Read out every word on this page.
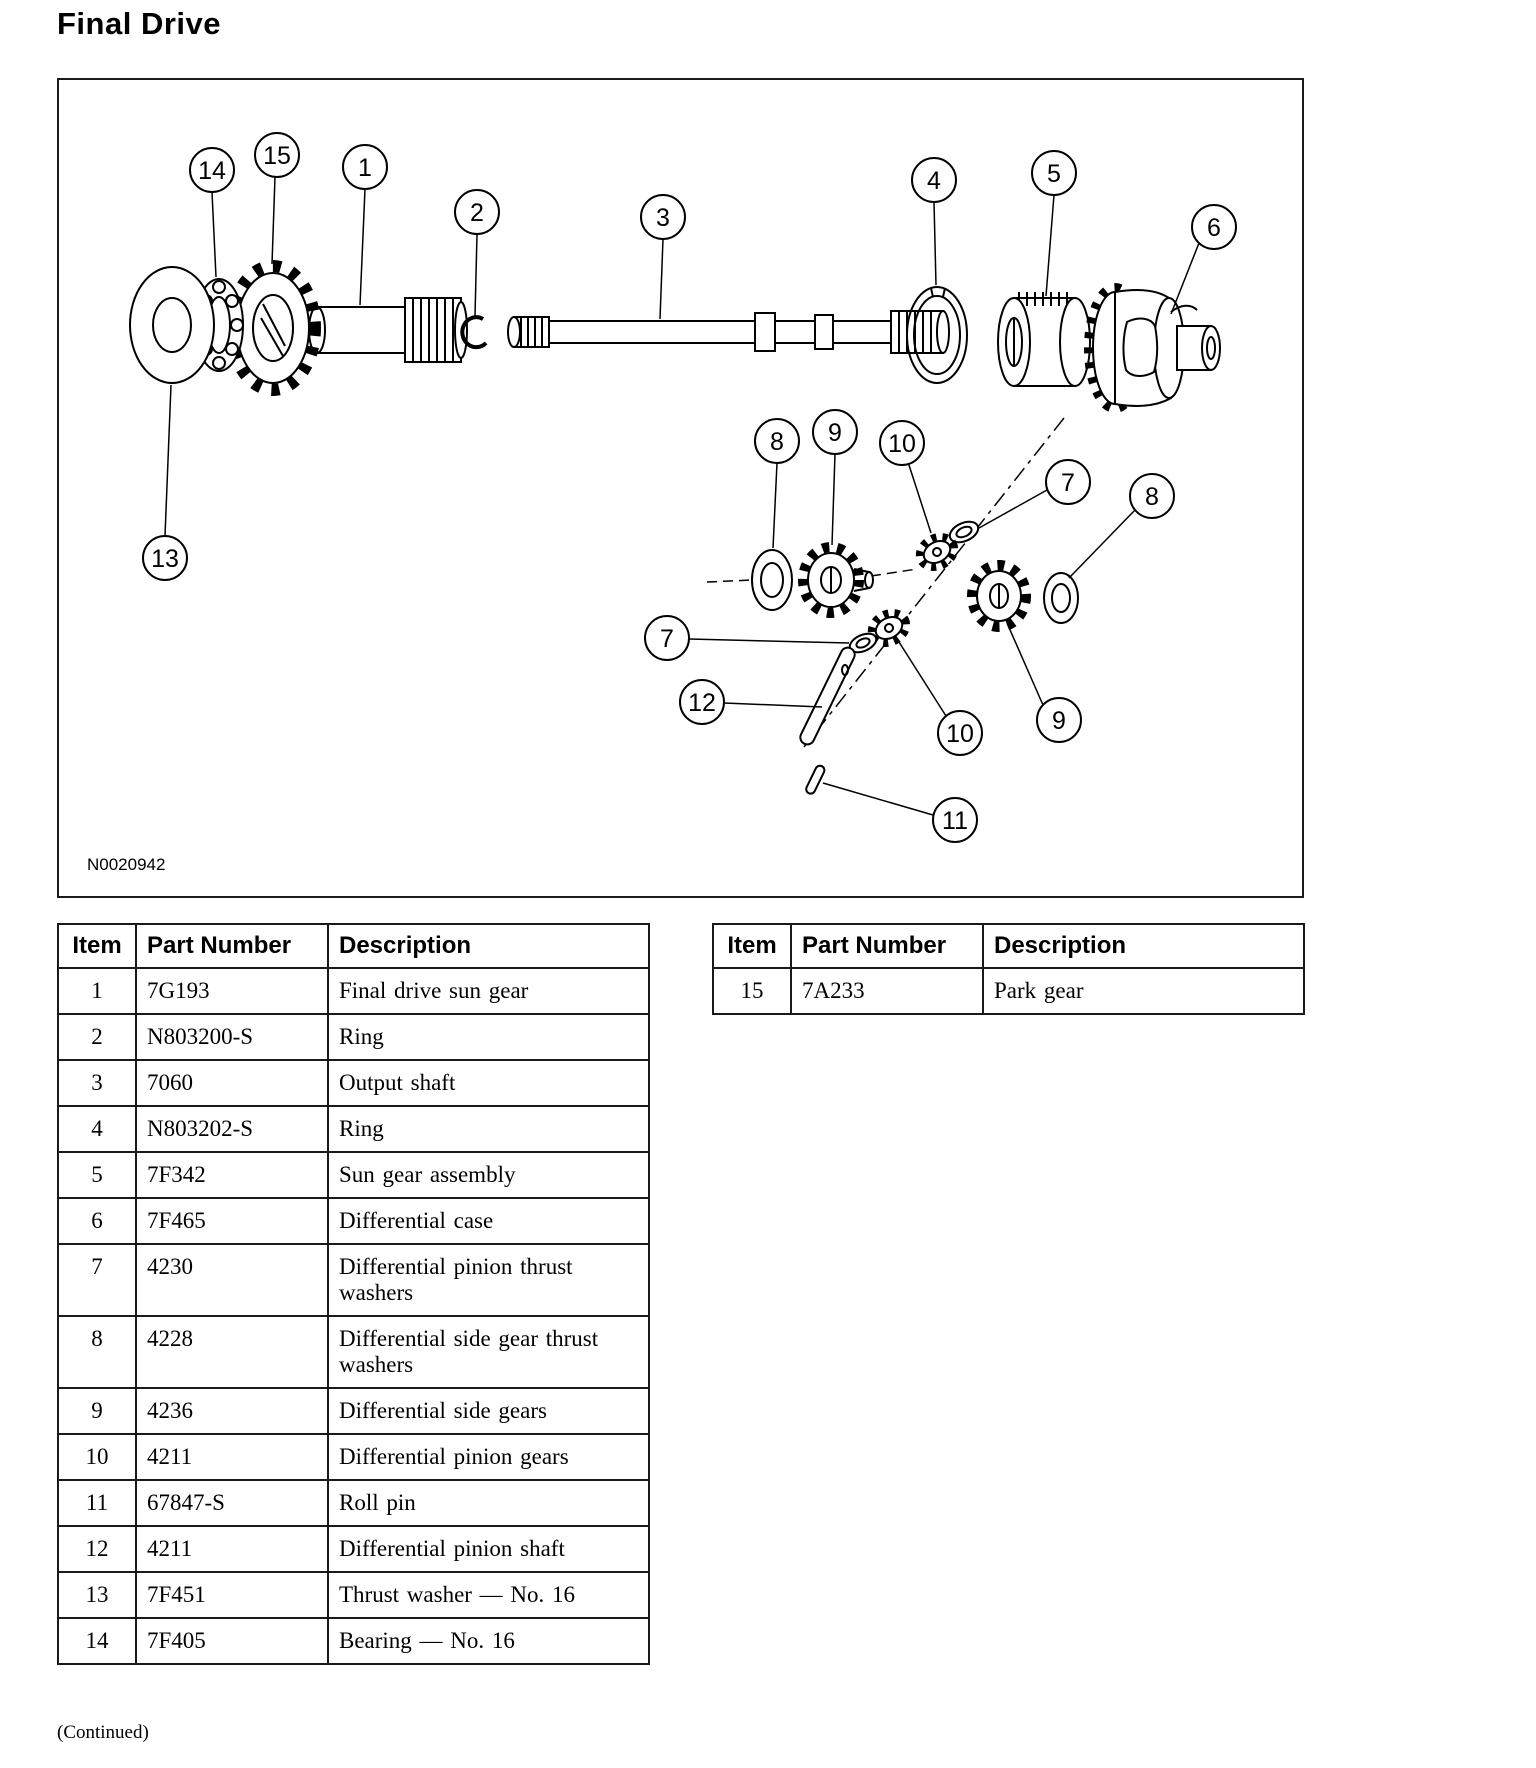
Final Drive
14
15	1
2	3
4	5
6
8 9 10
7	8
13
7
12
10	9
11
N0020942
Item	Part Number	Description
1	7G193	Final drive sun gear
2	N803200-S	Ring
3	7060	Output shaft
4	N803202-S	Ring
5	7F342	Sun gear assembly
6	7F465	Differential case
7	4230	Differential pinion thrust washers
8	4228	Differential side gear thrust washers
9	4236	Differential side gears
10	4211	Differential pinion gears
11	67847-S	Roll pin
12	4211	Differential pinion shaft
13	7F451	Thrust washer — No. 16
14	7F405	Bearing — No. 16
Item	Part Number	Description
15	7A233	Park gear
(Continued)
